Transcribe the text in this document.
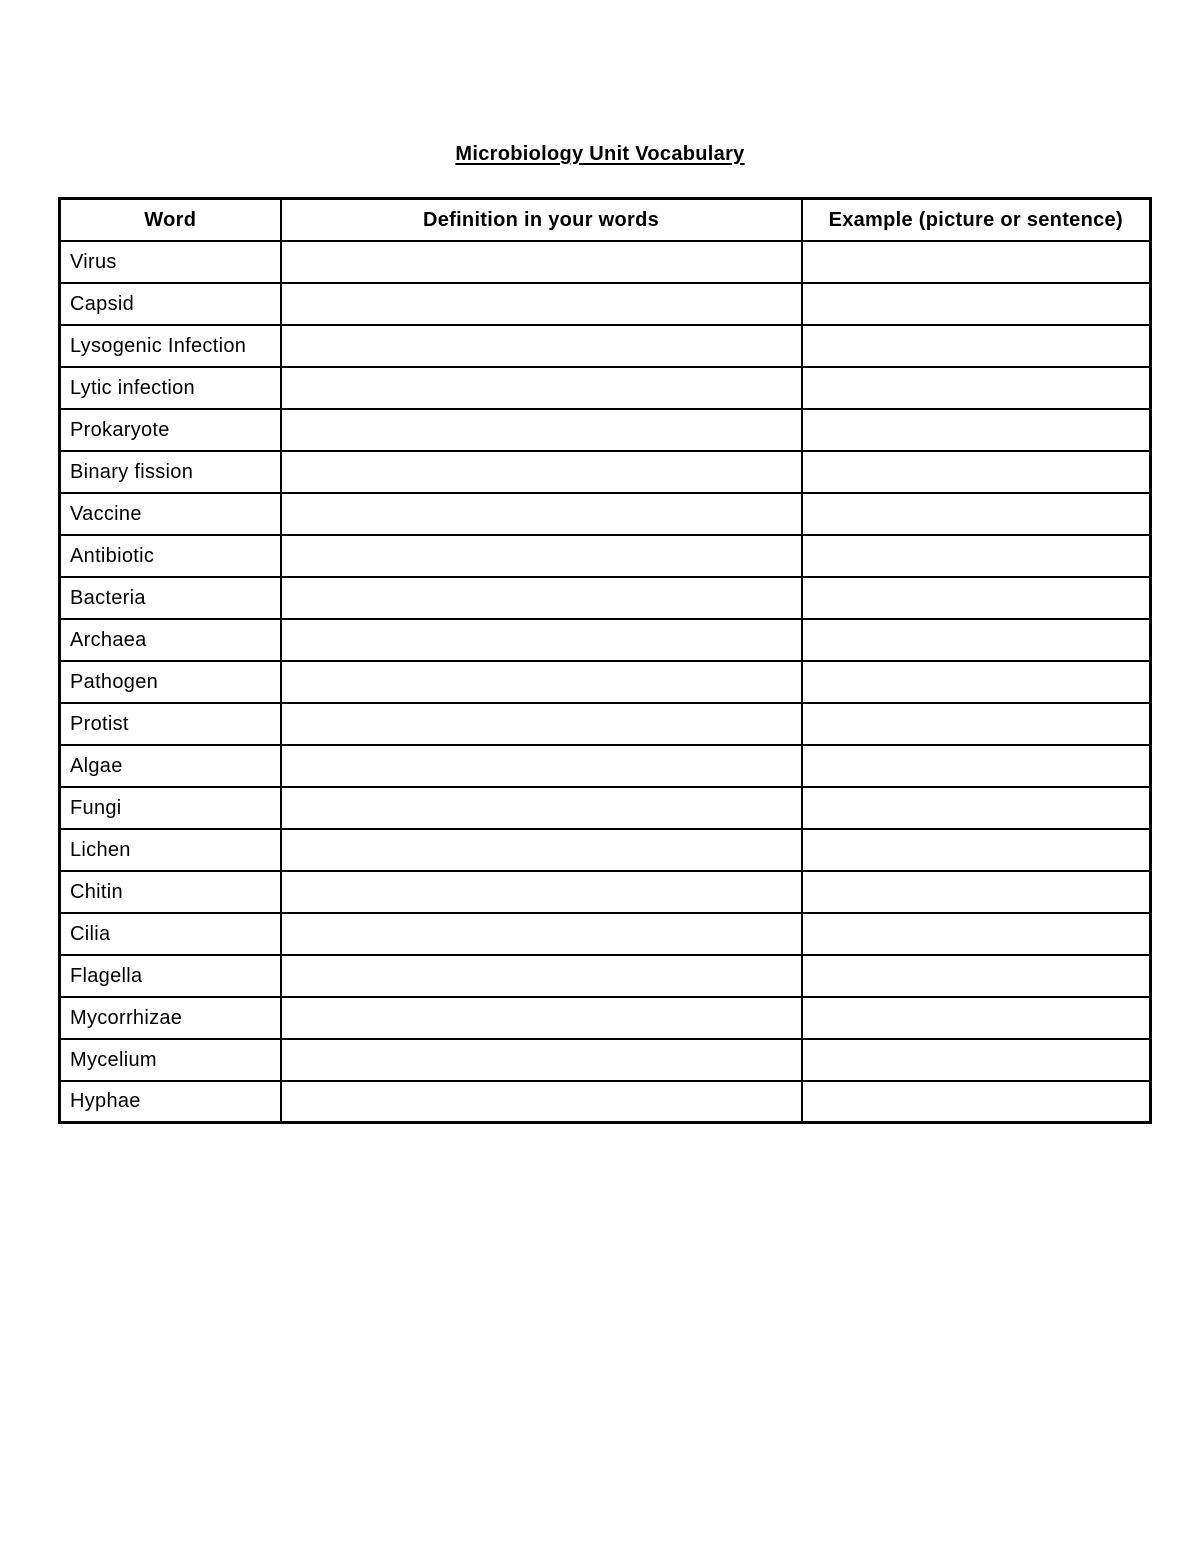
Microbiology Unit Vocabulary
Word	Definition in your words	Example (picture or sentence)
Virus		
Capsid		
Lysogenic Infection		
Lytic infection		
Prokaryote		
Binary fission		
Vaccine		
Antibiotic		
Bacteria		
Archaea		
Pathogen		
Protist		
Algae		
Fungi		
Lichen		
Chitin		
Cilia		
Flagella		
Mycorrhizae		
Mycelium		
Hyphae		
